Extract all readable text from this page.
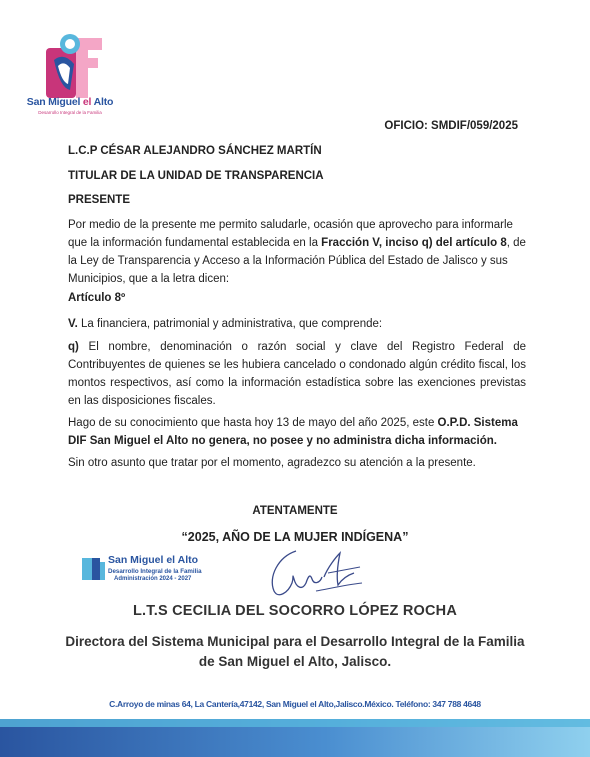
San Miguel el Alto
Desarrollo Integral de la Familia
OFICIO: SMDIF/059/2025
L.C.P CÉSAR ALEJANDRO SÁNCHEZ MARTÍN
TITULAR DE LA UNIDAD DE TRANSPARENCIA
PRESENTE
Por medio de la presente me permito saludarle, ocasión que aprovecho para informarle que la información fundamental establecida en la Fracción V, inciso q) del artículo 8, de la Ley de Transparencia y Acceso a la Información Pública del Estado de Jalisco y sus Municipios, que a la letra dicen:
Artículo 8º
V. La financiera, patrimonial y administrativa, que comprende:
q) El nombre, denominación o razón social y clave del Registro Federal de Contribuyentes de quienes se les hubiera cancelado o condonado algún crédito fiscal, los montos respectivos, así como la información estadística sobre las exenciones previstas en las disposiciones fiscales.
Hago de su conocimiento que hasta hoy 13 de mayo del año 2025, este O.P.D. Sistema DIF San Miguel el Alto no genera, no posee y no administra dicha información.
Sin otro asunto que tratar por el momento, agradezco su atención a la presente.
ATENTAMENTE
“2025, AÑO DE LA MUJER INDÍGENA”
San Miguel el Alto
Desarrollo Integral de la Familia
Administración 2024 - 2027
L.T.S CECILIA DEL SOCORRO LÓPEZ ROCHA
Directora del Sistema Municipal para el Desarrollo Integral de la Familia de San Miguel el Alto, Jalisco.
C.Arroyo de minas 64, La Cantería,47142, San Miguel el Alto,Jalisco.México. Teléfono: 347 788 4648
